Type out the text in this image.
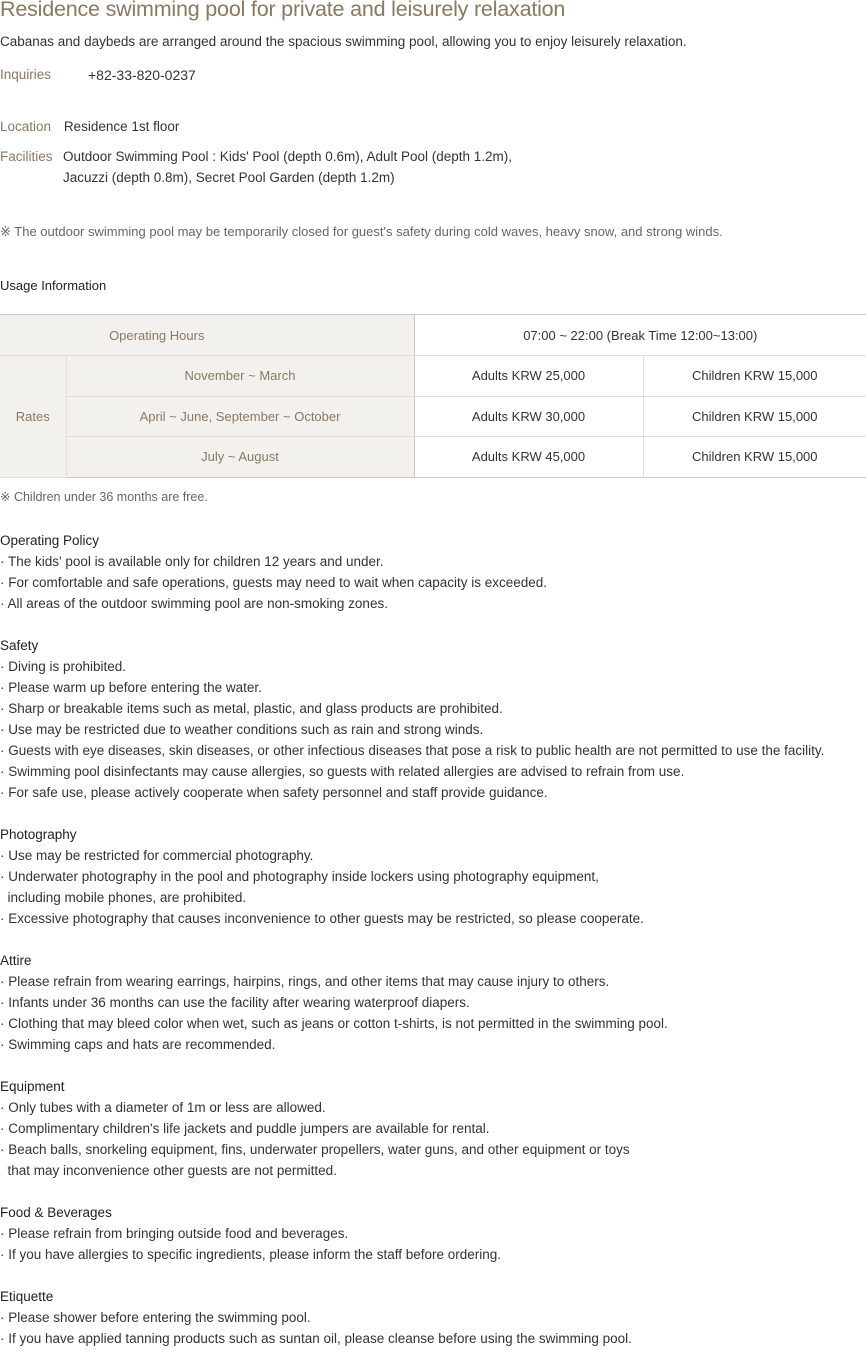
Residence swimming pool for private and leisurely relaxation
Cabanas and daybeds are arranged around the spacious swimming pool, allowing you to enjoy leisurely relaxation.
Inquiries	+82-33-820-0237
Location Residence 1st floor
Facilities Outdoor Swimming Pool : Kids' Pool (depth 0.6m), Adult Pool (depth 1.2m),
Jacuzzi (depth 0.8m), Secret Pool Garden (depth 1.2m)
※ The outdoor swimming pool may be temporarily closed for guest's safety during cold waves, heavy snow, and strong winds.
Usage Information
Operating Hours		07:00 ~ 22:00 (Break Time 12:00~13:00)	
Rates	November ~ March	Adults KRW 25,000	Children KRW 15,000
	April ~ June, September ~ October	Adults KRW 30,000	Children KRW 15,000
	July ~ August	Adults KRW 45,000	Children KRW 15,000
※ Children under 36 months are free.
Operating Policy
· The kids' pool is available only for children 12 years and under.
· For comfortable and safe operations, guests may need to wait when capacity is exceeded.
· All areas of the outdoor swimming pool are non-smoking zones.
Safety
· Diving is prohibited.
· Please warm up before entering the water.
· Sharp or breakable items such as metal, plastic, and glass products are prohibited.
· Use may be restricted due to weather conditions such as rain and strong winds.
· Guests with eye diseases, skin diseases, or other infectious diseases that pose a risk to public health are not permitted to use the facility.
· Swimming pool disinfectants may cause allergies, so guests with related allergies are advised to refrain from use.
· For safe use, please actively cooperate when safety personnel and staff provide guidance.
Photography
· Use may be restricted for commercial photography.
· Underwater photography in the pool and photography inside lockers using photography equipment,
including mobile phones, are prohibited.
· Excessive photography that causes inconvenience to other guests may be restricted, so please cooperate.
Attire
· Please refrain from wearing earrings, hairpins, rings, and other items that may cause injury to others.
· Infants under 36 months can use the facility after wearing waterproof diapers.
· Clothing that may bleed color when wet, such as jeans or cotton t-shirts, is not permitted in the swimming pool.
· Swimming caps and hats are recommended.
Equipment
· Only tubes with a diameter of 1m or less are allowed.
· Complimentary children's life jackets and puddle jumpers are available for rental.
· Beach balls, snorkeling equipment, fins, underwater propellers, water guns, and other equipment or toys
that may inconvenience other guests are not permitted.
Food & Beverages
· Please refrain from bringing outside food and beverages.
· If you have allergies to specific ingredients, please inform the staff before ordering.
Etiquette
· Please shower before entering the swimming pool.
· If you have applied tanning products such as suntan oil, please cleanse before using the swimming pool.
